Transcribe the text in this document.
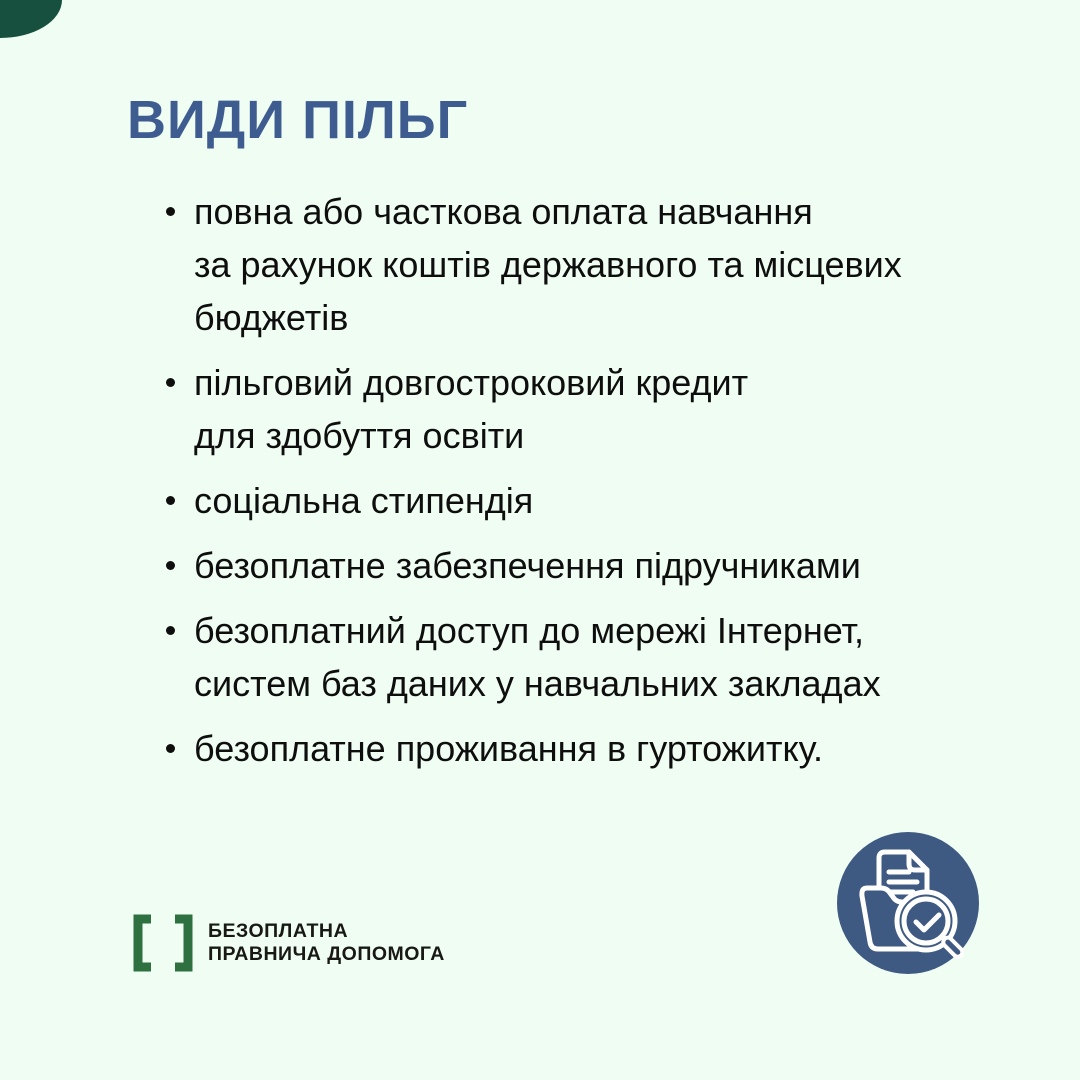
ВИДИ ПІЛЬГ
повна або часткова оплата навчання
за рахунок коштів державного та місцевих
бюджетів
пільговий довгостроковий кредит
для здобуття освіти
соціальна стипендія
безоплатне забезпечення підручниками
безоплатний доступ до мережі Інтернет,
систем баз даних у навчальних закладах
безоплатне проживання в гуртожитку.
БЕЗОПЛАТНА
ПРАВНИЧА ДОПОМОГА
